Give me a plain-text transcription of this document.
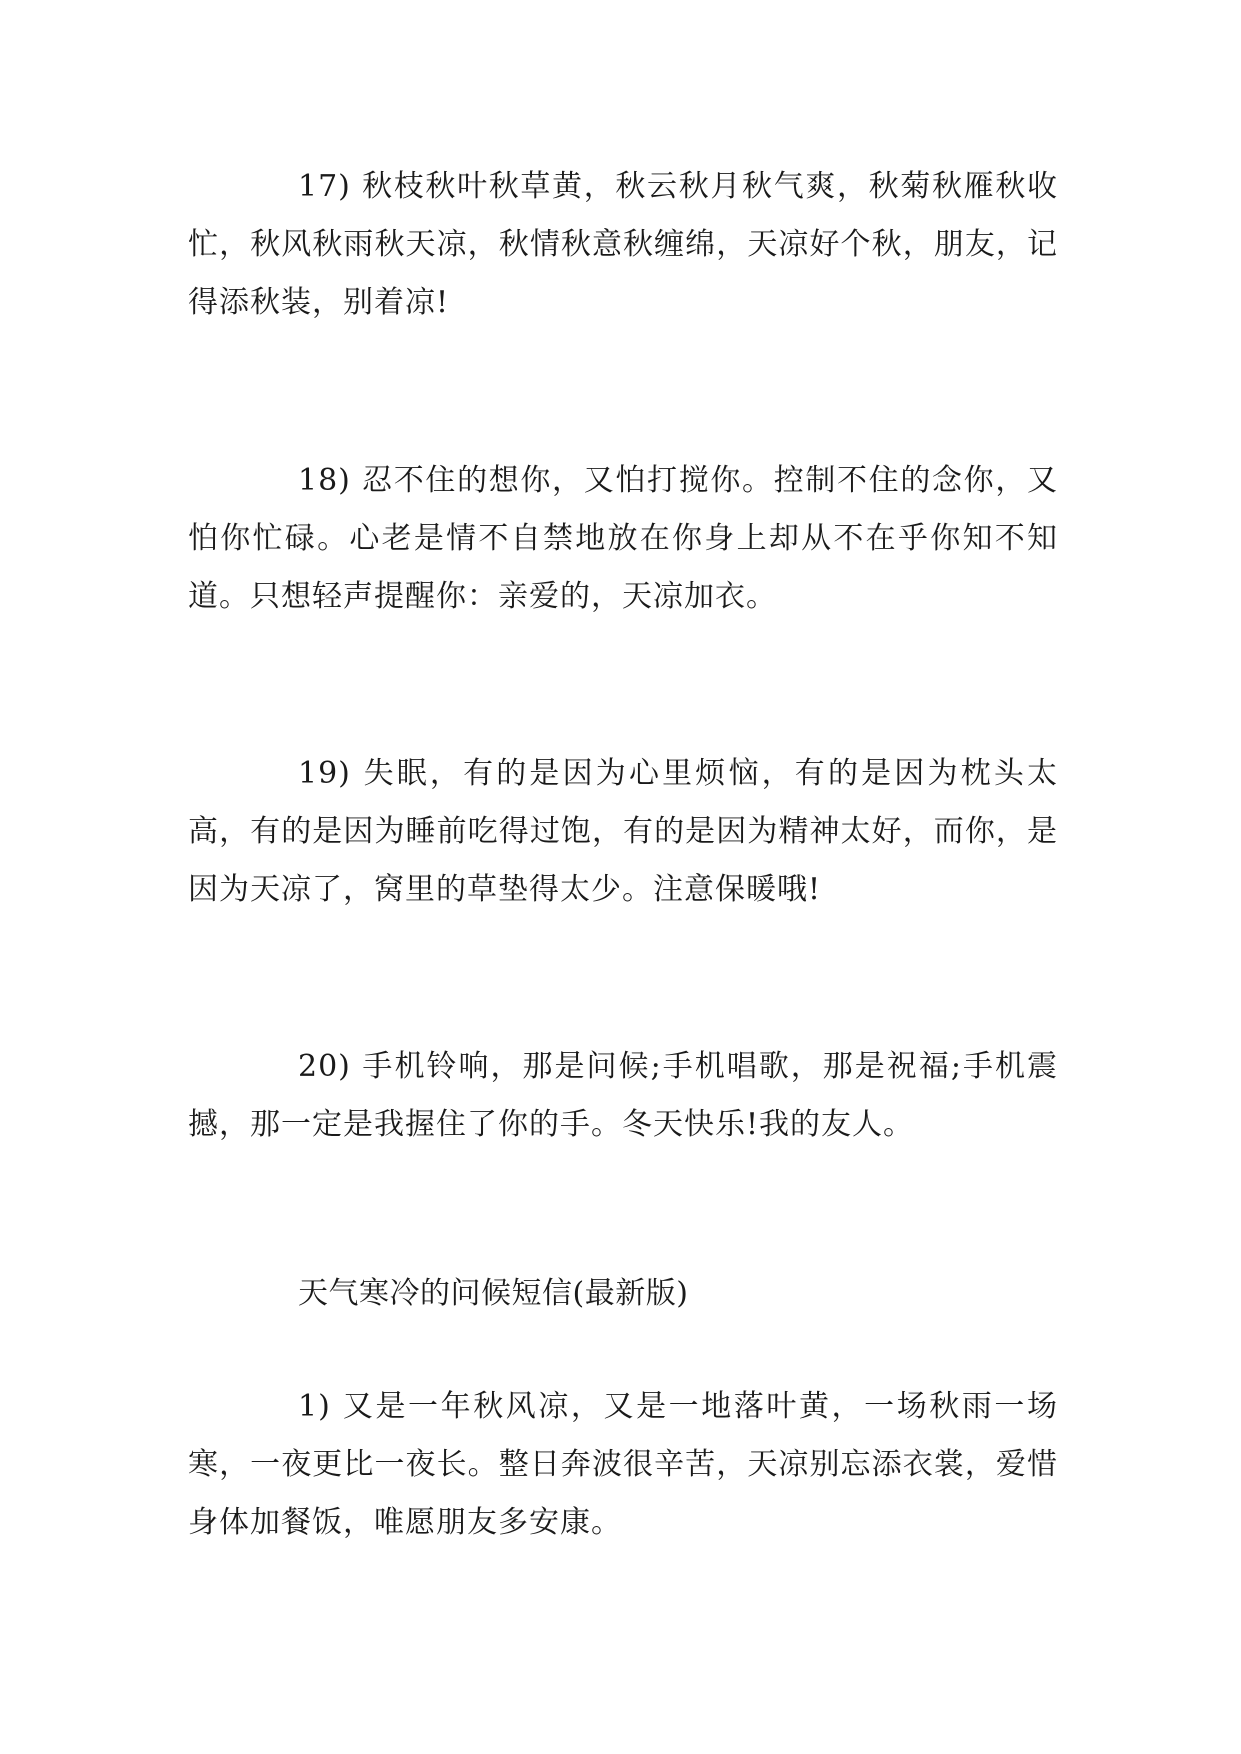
17) 秋枝秋叶秋草黄，秋云秋月秋气爽，秋菊秋雁秋收忙，秋风秋雨秋天凉，秋情秋意秋缠绵，天凉好个秋，朋友，记得添秋装，别着凉!

18) 忍不住的想你，又怕打搅你。控制不住的念你，又怕你忙碌。心老是情不自禁地放在你身上却从不在乎你知不知道。只想轻声提醒你：亲爱的，天凉加衣。

19) 失眠，有的是因为心里烦恼，有的是因为枕头太高，有的是因为睡前吃得过饱，有的是因为精神太好，而你，是因为天凉了，窝里的草垫得太少。注意保暖哦!

20) 手机铃响，那是问候;手机唱歌，那是祝福;手机震撼，那一定是我握住了你的手。冬天快乐!我的友人。

天气寒冷的问候短信(最新版)

1) 又是一年秋风凉，又是一地落叶黄，一场秋雨一场寒，一夜更比一夜长。整日奔波很辛苦，天凉别忘添衣裳，爱惜身体加餐饭，唯愿朋友多安康。
